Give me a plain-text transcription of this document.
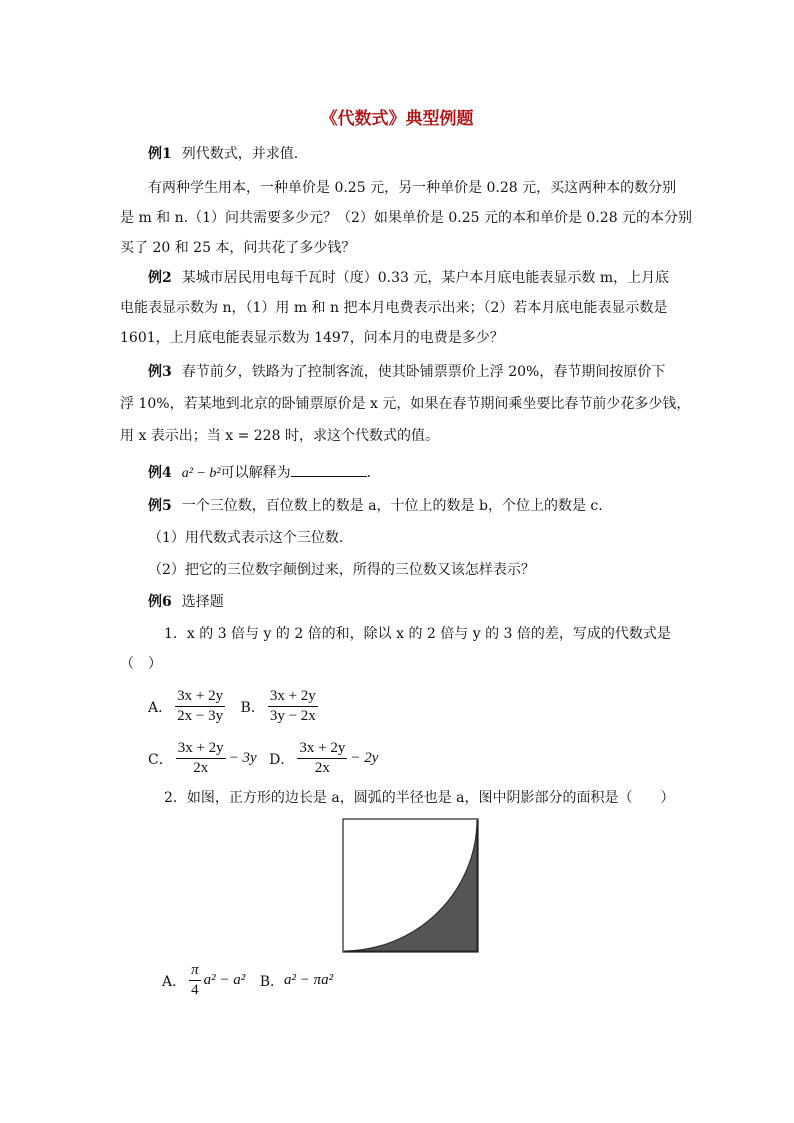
《代数式》典型例题
例1 列代数式，并求值.
有两种学生用本，一种单价是 0.25 元，另一种单价是 0.28 元，买这两种本的数分别
是 m 和 n.（1）问共需要多少元？（2）如果单价是 0.25 元的本和单价是 0.28 元的本分别
买了 20 和 25 本，问共花了多少钱？
例2 某城市居民用电每千瓦时（度）0.33 元，某户本月底电能表显示数 m，上月底
电能表显示数为 n，（1）用 m 和 n 把本月电费表示出来；（2）若本月底电能表显示数是
1601，上月底电能表显示数为 1497，问本月的电费是多少？
例3 春节前夕，铁路为了控制客流，使其卧铺票票价上浮 20%，春节期间按原价下
浮 10%，若某地到北京的卧铺票原价是 x 元，如果在春节期间乘坐要比春节前少花多少钱，
用 x 表示出；当 x = 228 时，求这个代数式的值。
例4 a² − b²可以解释为	.
例5 一个三位数，百位数上的数是 a，十位上的数是 b，个位上的数是 c.
（1）用代数式表示这个三位数.
（2）把它的三位数字颠倒过来，所得的三位数又该怎样表示？
例6 选择题
1．x 的 3 倍与 y 的 2 倍的和，除以 x 的 2 倍与 y 的 3 倍的差，写成的代数式是
（　）
A． $\frac{3x + 2y}{2x - 3y}$ B． $\frac{3x + 2y}{3y - 2x}$
C． $\frac{3x + 2y}{2x} - 3y$ D． $\frac{3x + 2y}{2x} - 2y$
2．如图，正方形的边长是 a，圆弧的半径也是 a，图中阴影部分的面积是（　　）
A． $\frac{\pi}{4} a^2 - a^2$ B．a² − πa²
